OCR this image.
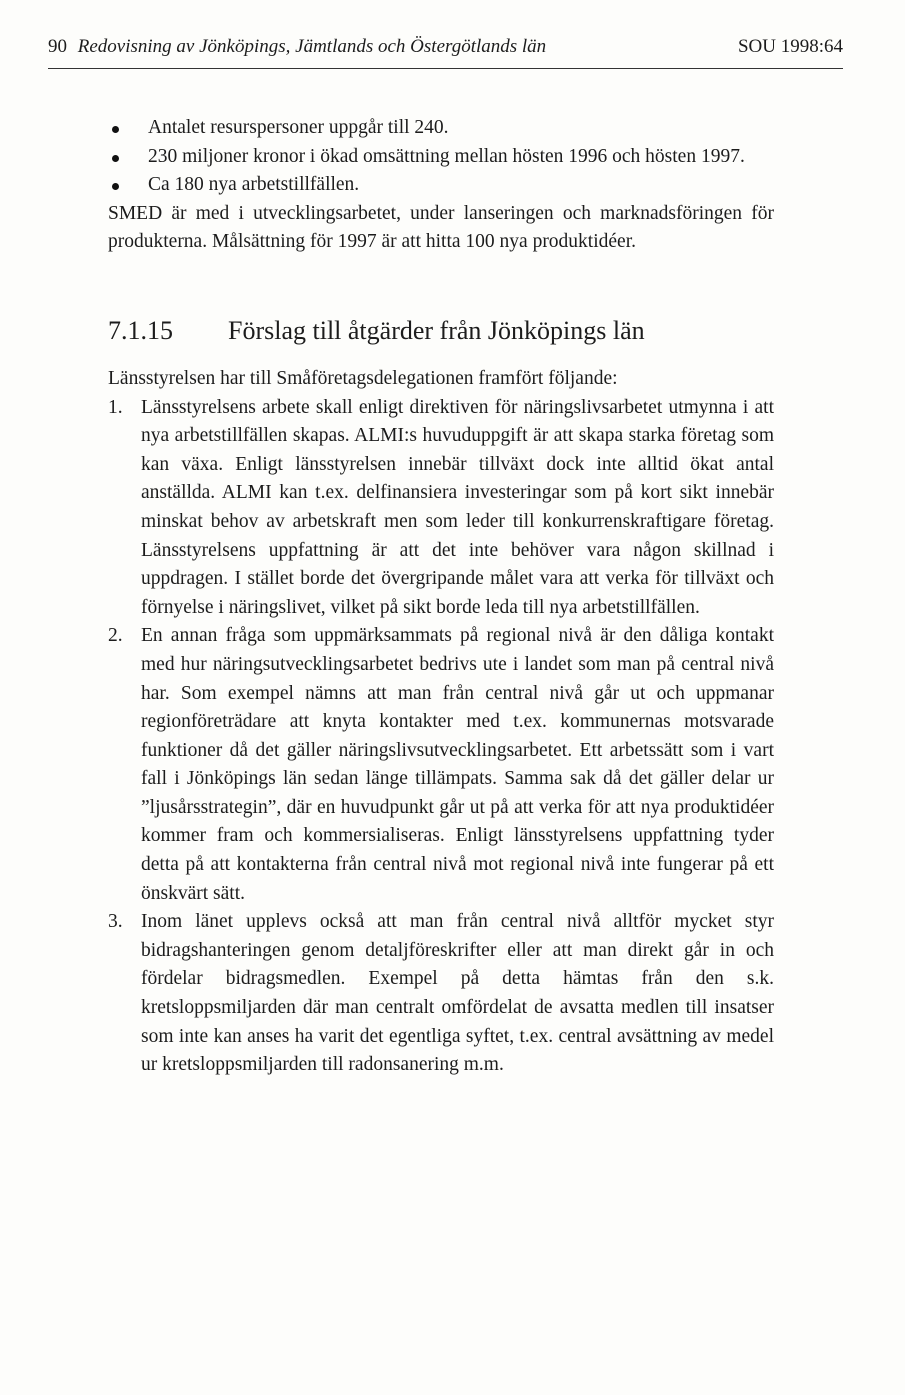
90 Redovisning av Jönköpings, Jämtlands och Östergötlands län	SOU 1998:64
Antalet resurspersoner uppgår till 240.
230 miljoner kronor i ökad omsättning mellan hösten 1996 och hösten 1997.
Ca 180 nya arbetstillfällen.

SMED är med i utvecklingsarbetet, under lanseringen och marknadsföringen för produkterna. Målsättning för 1997 är att hitta 100 nya produktidéer.

7.1.15 Förslag till åtgärder från Jönköpings län

Länsstyrelsen har till Småföretagsdelegationen framfört följande:

1. Länsstyrelsens arbete skall enligt direktiven för näringslivsarbetet utmynna i att nya arbetstillfällen skapas. ALMI:s huvuduppgift är att skapa starka företag som kan växa. Enligt länsstyrelsen innebär tillväxt dock inte alltid ökat antal anställda. ALMI kan t.ex. delfinansiera investeringar som på kort sikt innebär minskat behov av arbetskraft men som leder till konkurrenskraftigare företag. Länsstyrelsens uppfattning är att det inte behöver vara någon skillnad i uppdragen. I stället borde det övergripande målet vara att verka för tillväxt och förnyelse i näringslivet, vilket på sikt borde leda till nya arbetstillfällen.
2. En annan fråga som uppmärksammats på regional nivå är den dåliga kontakt med hur näringsutvecklingsarbetet bedrivs ute i landet som man på central nivå har. Som exempel nämns att man från central nivå går ut och uppmanar regionföreträdare att knyta kontakter med t.ex. kommunernas motsvarade funktioner då det gäller näringslivsutvecklingsarbetet. Ett arbetssätt som i vart fall i Jönköpings län sedan länge tillämpats. Samma sak då det gäller delar ur ”ljusårsstrategin”, där en huvudpunkt går ut på att verka för att nya produktidéer kommer fram och kommersialiseras. Enligt länsstyrelsens uppfattning tyder detta på att kontakterna från central nivå mot regional nivå inte fungerar på ett önskvärt sätt.
3. Inom länet upplevs också att man från central nivå alltför mycket styr bidragshanteringen genom detaljföreskrifter eller att man direkt går in och fördelar bidragsmedlen. Exempel på detta hämtas från den s.k. kretsloppsmiljarden där man centralt omfördelat de avsatta medlen till insatser som inte kan anses ha varit det egentliga syftet, t.ex. central avsättning av medel ur kretsloppsmiljarden till radonsanering m.m.
